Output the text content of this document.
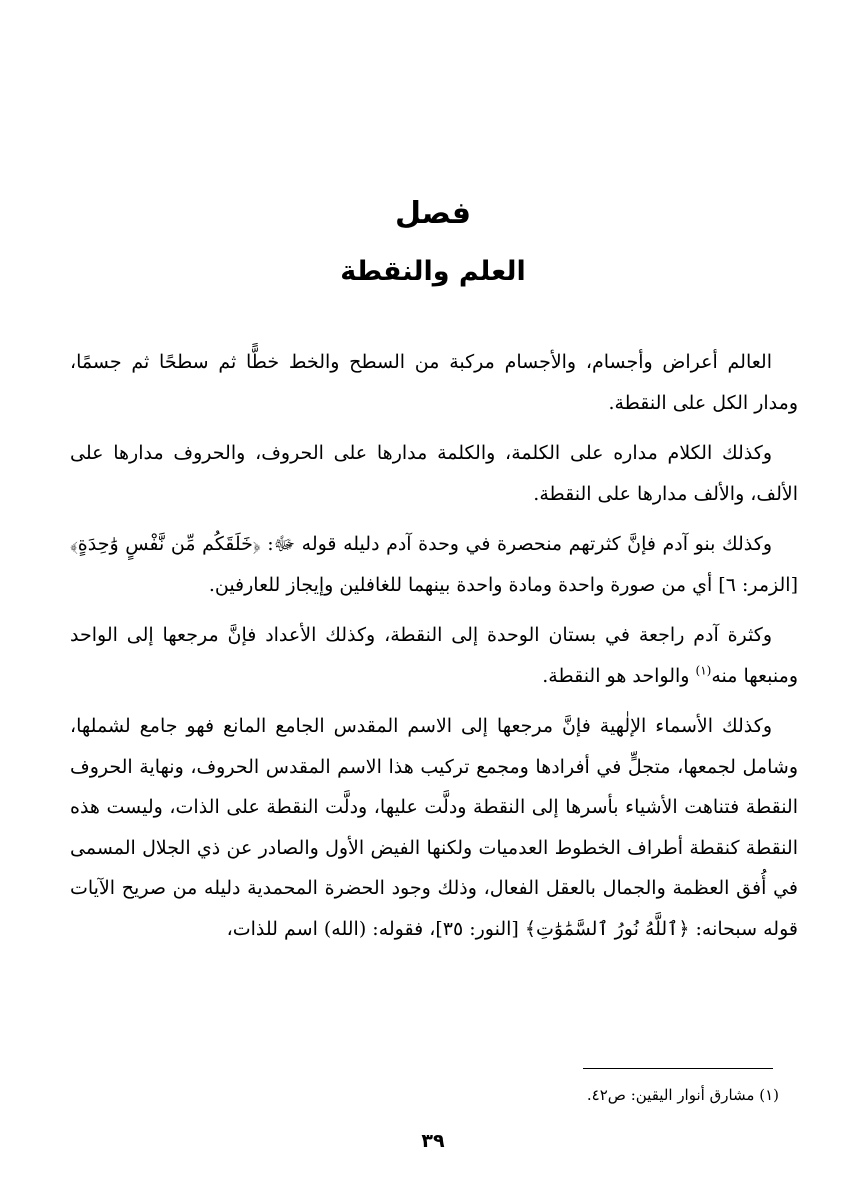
فصل
العلم والنقطة

العالم أعراض وأجسام، والأجسام مركبة من السطح والخط خطًّا ثم سطحًا ثم جسمًا، ومدار الكل على النقطة.

وكذلك الكلام مداره على الكلمة، والكلمة مدارها على الحروف، والحروف مدارها على الألف، والألف مدارها على النقطة.

وكذلك بنو آدم فإنَّ كثرتهم منحصرة في وحدة آدم دليله قوله ﷻ: ﴿خَلَقَكُم مِّن نَّفْسٍ وَٰحِدَةٍ﴾ [الزمر: ٦] أي من صورة واحدة ومادة واحدة بينهما للغافلين وإيجاز للعارفين.

وكثرة آدم راجعة في بستان الوحدة إلى النقطة، وكذلك الأعداد فإنَّ مرجعها إلى الواحد ومنبعها منه$^{(١)}$ والواحد هو النقطة.

وكذلك الأسماء الإلٰهية فإنَّ مرجعها إلى الاسم المقدس الجامع المانع فهو جامع لشملها، وشامل لجمعها، متجلٍّ في أفرادها ومجمع تركيب هذا الاسم المقدس الحروف، ونهاية الحروف النقطة فتناهت الأشياء بأسرها إلى النقطة ودلَّت عليها، ودلَّت النقطة على الذات، وليست هذه النقطة كنقطة أطراف الخطوط العدميات ولكنها الفيض الأول والصادر عن ذي الجلال المسمى في أُفق العظمة والجمال بالعقل الفعال، وذلك وجود الحضرة المحمدية دليله من صريح الآيات قوله سبحانه: ﴿ٱللَّهُ نُورُ ٱلسَّمَٰوَٰتِ﴾ [النور: ٣٥]، فقوله: (الله) اسم للذات،

(١) مشارق أنوار اليقين: ص٤٢.
٣٩
